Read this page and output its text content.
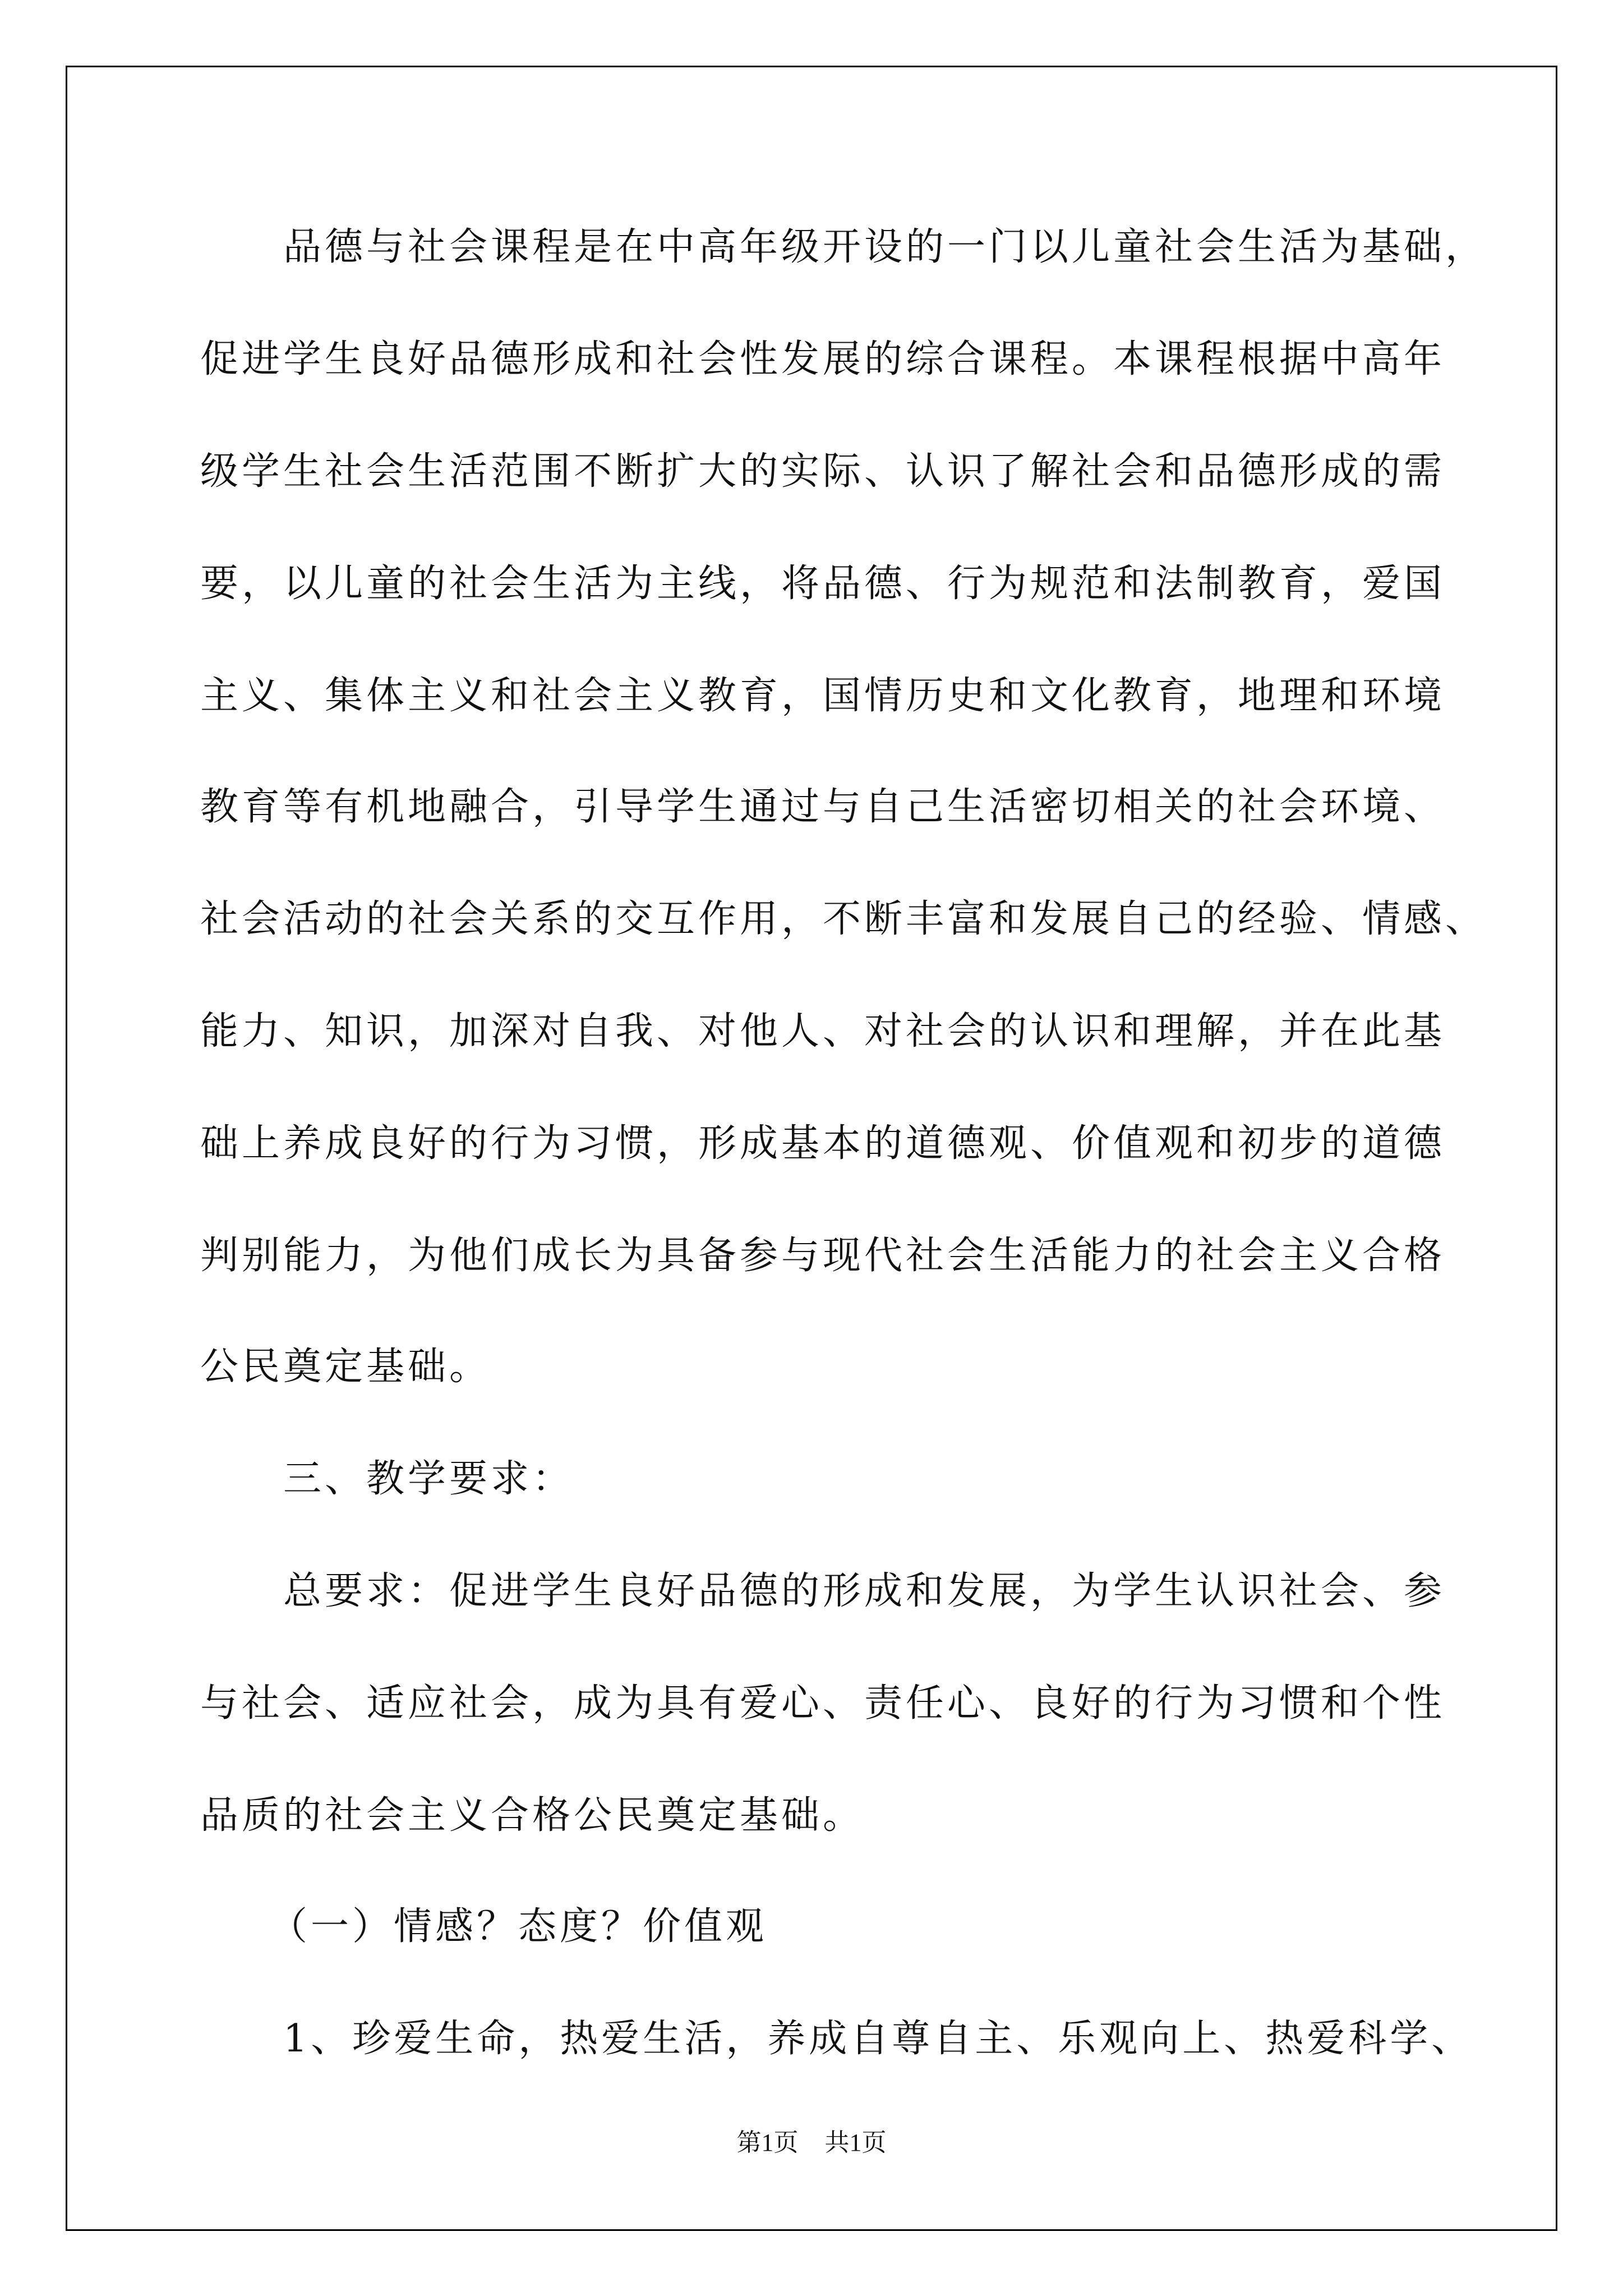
品德与社会课程是在中高年级开设的一门以儿童社会生活为基础，
促进学生良好品德形成和社会性发展的综合课程。本课程根据中高年
级学生社会生活范围不断扩大的实际、认识了解社会和品德形成的需
要，以儿童的社会生活为主线，将品德、行为规范和法制教育，爱国
主义、集体主义和社会主义教育，国情历史和文化教育，地理和环境
教育等有机地融合，引导学生通过与自己生活密切相关的社会环境、
社会活动的社会关系的交互作用，不断丰富和发展自己的经验、情感、
能力、知识，加深对自我、对他人、对社会的认识和理解，并在此基
础上养成良好的行为习惯，形成基本的道德观、价值观和初步的道德
判别能力，为他们成长为具备参与现代社会生活能力的社会主义合格
公民奠定基础。
三、教学要求：
总要求：促进学生良好品德的形成和发展，为学生认识社会、参
与社会、适应社会，成为具有爱心、责任心、良好的行为习惯和个性
品质的社会主义合格公民奠定基础。
（一）情感？态度？价值观
1、珍爱生命，热爱生活，养成自尊自主、乐观向上、热爱科学、
第1页 共1页
